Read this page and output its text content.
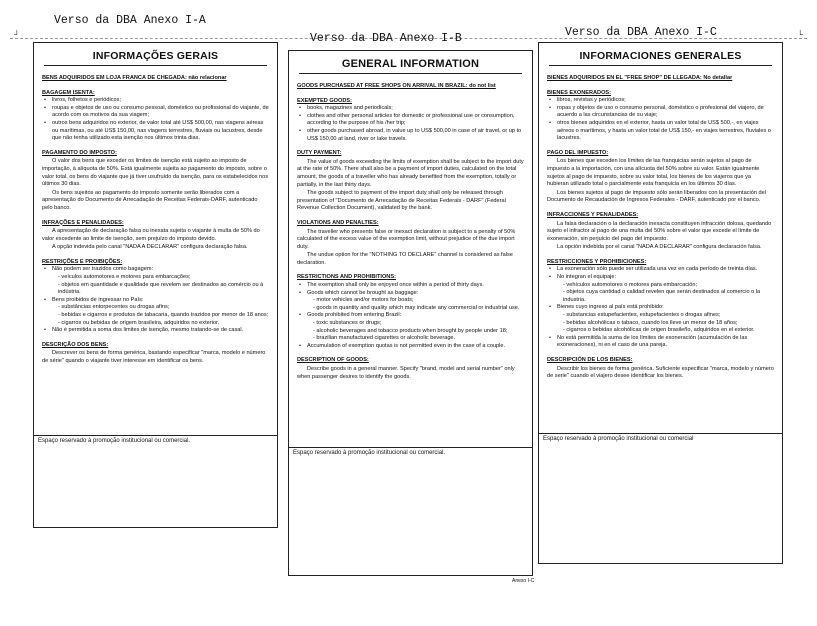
┘	└
Verso da DBA Anexo I-A
Verso da DBA Anexo I-B	Verso da DBA Anexo I-C
INFORMAÇÕES GERAIS
BENS ADQUIRIDOS EM LOJA FRANCA DE CHEGADA: não relacionar
BAGAGEM ISENTA:
• livros, folhetos e periódicos;
• roupas e objetos de uso ou consumo pessoal, doméstico ou profissional do viajante, de acordo com os motivos da sua viagem;
• outros bens adquiridos no exterior, de valor total até US$ 500,00, nas viagens aéreas ou marítimas, ou até US$ 150,00, nas viagens terrestres, fluviais ou lacustres, desde que não tenha utilizado esta isenção nos últimos trinta dias.
PAGAMENTO DO IMPOSTO:
O valor dos bens que exceder os limites de isenção está sujeito ao imposto de importação, à alíquota de 50%. Está igualmente sujeita ao pagamento do imposto, sobre o valor total, os bens do viajante que já tiver usufruído da isenção, para os estabelecidos nos últimos 30 dias.
Os bens sujeitos ao pagamento do imposto somente serão liberados com a apresentação do Documento de Arrecadação de Receitas Federais-DARF, autenticado pelo banco.
INFRAÇÕES E PENALIDADES:
A apresentação de declaração falsa ou inexata sujeita o viajante à multa de 50% do valor excedente ao limite de isenção, sem prejuízo do imposto devido.
A opção indevida pelo canal "NADA A DECLARAR" configura declaração falsa.
RESTRIÇÕES E PROIBIÇÕES:
• Não podem ser trazidos como bagagem:
- veículos automotores e motores para embarcações;
- objetos em quantidade e qualidade que revelem ser destinados ao comércio ou à indústria.
• Bens proibidos de ingressar no País:
- substâncias entorpecentes ou drogas afins;
- bebidas e cigarros e produtos de tabacaria, quando trazidos por menor de 18 anos;
- cigarros ou bebidas de origem brasileira, adquiridos no exterior.
• Não é permitida a soma dos limites de isenção, mesmo tratando-se de casal.
DESCRIÇÃO DOS BENS:
Descrever os bens de forma genérica, bastando especificar "marca, modelo e número de série" quando o viajante tiver interesse em identificar os bens.
Espaço reservado à promoção institucional ou comercial.
GENERAL INFORMATION
GOODS PURCHASED AT FREE SHOPS ON ARRIVAL IN BRAZIL: do not list
EXEMPTED GOODS:
• books, magazines and periodicals;
• clothes and other personal articles for domestic or professional use or consumption, according to the purpose of his /her trip;
• other goods purchased abroad, in value up to US$ 500,00 in case of air travel, or up to US$ 150,00 at land, river or lake travels.
DUTY PAYMENT:
The value of goods exceeding the limits of exemption shall be subject to the import duty at the rate of 50%. There shall also be a payment of import duties, calculated on the total amount, the goods of a traveller who has already benefited from the exemption, totally or partially, in the last thirty days.
The goods subject to payment of the import duty shall only be released through presentation of "Documento de Arrecadação de Receitas Federais - DARF" (Federal Revenue Collection Document), validated by the bank.
VIOLATIONS AND PENALTIES:
The traveller who presents false or inexact declaration is subject to a penalty of 50% calculated of the excess value of the exemption limit, without prejudice of the due import duty.
The undue option for the "NOTHING TO DECLARE" channel is considered as false declaration.
RESTRICTIONS AND PROHIBITIONS:
• The exemption shall only be enjoyed once within a period of thirty days.
• Goods which cannot be brought as baggage:
- motor vehicles and/or motors for boats;
- goods in quantity and quality which may indicate any commercial or industrial use.
• Goods prohibited from entering Brazil:
- toxic substances or drugs;
- alcoholic beverages and tobacco products when brought by people under 18;
- brazilian manufactured cigarettes or alcoholic beverage.
• Accumulation of exemption quotas is not permitted even in the case of a couple.
DESCRIPTION OF GOODS:
Describe goods in a general manner. Specify "brand, model and serial number" only when passenger desires to identify the goods.
Espaço reservado à promoção institucional ou comercial.
INFORMACIONES GENERALES
BIENES ADQUIRIDOS EN EL "FREE SHOP" DE LLEGADA: No detallar
BIENES EXONERADOS:
• libros, revistas y periódicos;
• ropas y objetos de uso o consumo personal, doméstico o profesional del viajero, de acuerdo a las circunstancias de su viaje;
• otros bienes adquiridos en el exterior, hasta un valor total de US$ 500,-, en viajes aéreos o marítimos, y hasta un valor total de US$ 150,- en viajes terrestres, fluviales o lacustres.
PAGO DEL IMPUESTO:
Los bienes que exceden los límites de las franquicias serán sujetos al pago de impuesto a la importación, con una alícuota del 50% sobre su valor. Están igualmente sujetos al pago de impuesto, sobre su valor total, los bienes de los viajeros que ya hubieran utilizado total o parcialmente esta franquicia en los últimos 30 días.
Los bienes sujetos al pago de impuesto sólo serán liberados con la presentación del Documento de Recaudación de Ingresos Federales - DARF, autenticado por el banco.
INFRACCIONES Y PENALIDADES:
La falsa declaración o la declaración inexacta constituyen infracción dolosa, quedando sujeto el infractor al pago de una multa del 50% sobre el valor que excede el límite de exoneración, sin perjuicio del pago del impuesto.
La opción indebida por el canal "NADA A DECLARAR" configura declaración falsa.
RESTRICCIONES Y PROHIBICIONES:
• La exoneración sólo puede ser utilizada una vez en cada período de treinta días.
• No integran el equipaje:
- vehículos automotores o motores para embarcación;
- objetos cuya cantidad o calidad revelen que serán destinados al comercio o la industria.
• Bienes cuyo ingreso al país está prohibido:
- substancias estupefacientes, estupefacientes o drogas afines;
- bebidas alcohólicas o tabaco, cuando los lleve un menor de 18 años;
- cigarros o bebidas alcohólicas de origen brasileño, adquiridos en el exterior.
• No está permitida la suma de los límites de exoneración (acumulación de las exoneraciones), ni en el caso de una pareja.
DESCRIPCIÓN DE LOS BIENES:
Describir los bienes de forma genérica. Suficiente especificar "marca, modelo y número de serie" cuando el viajero desee identificar los bienes.
Espaço reservado à promoção institucional ou comercial
Anexo I-C
